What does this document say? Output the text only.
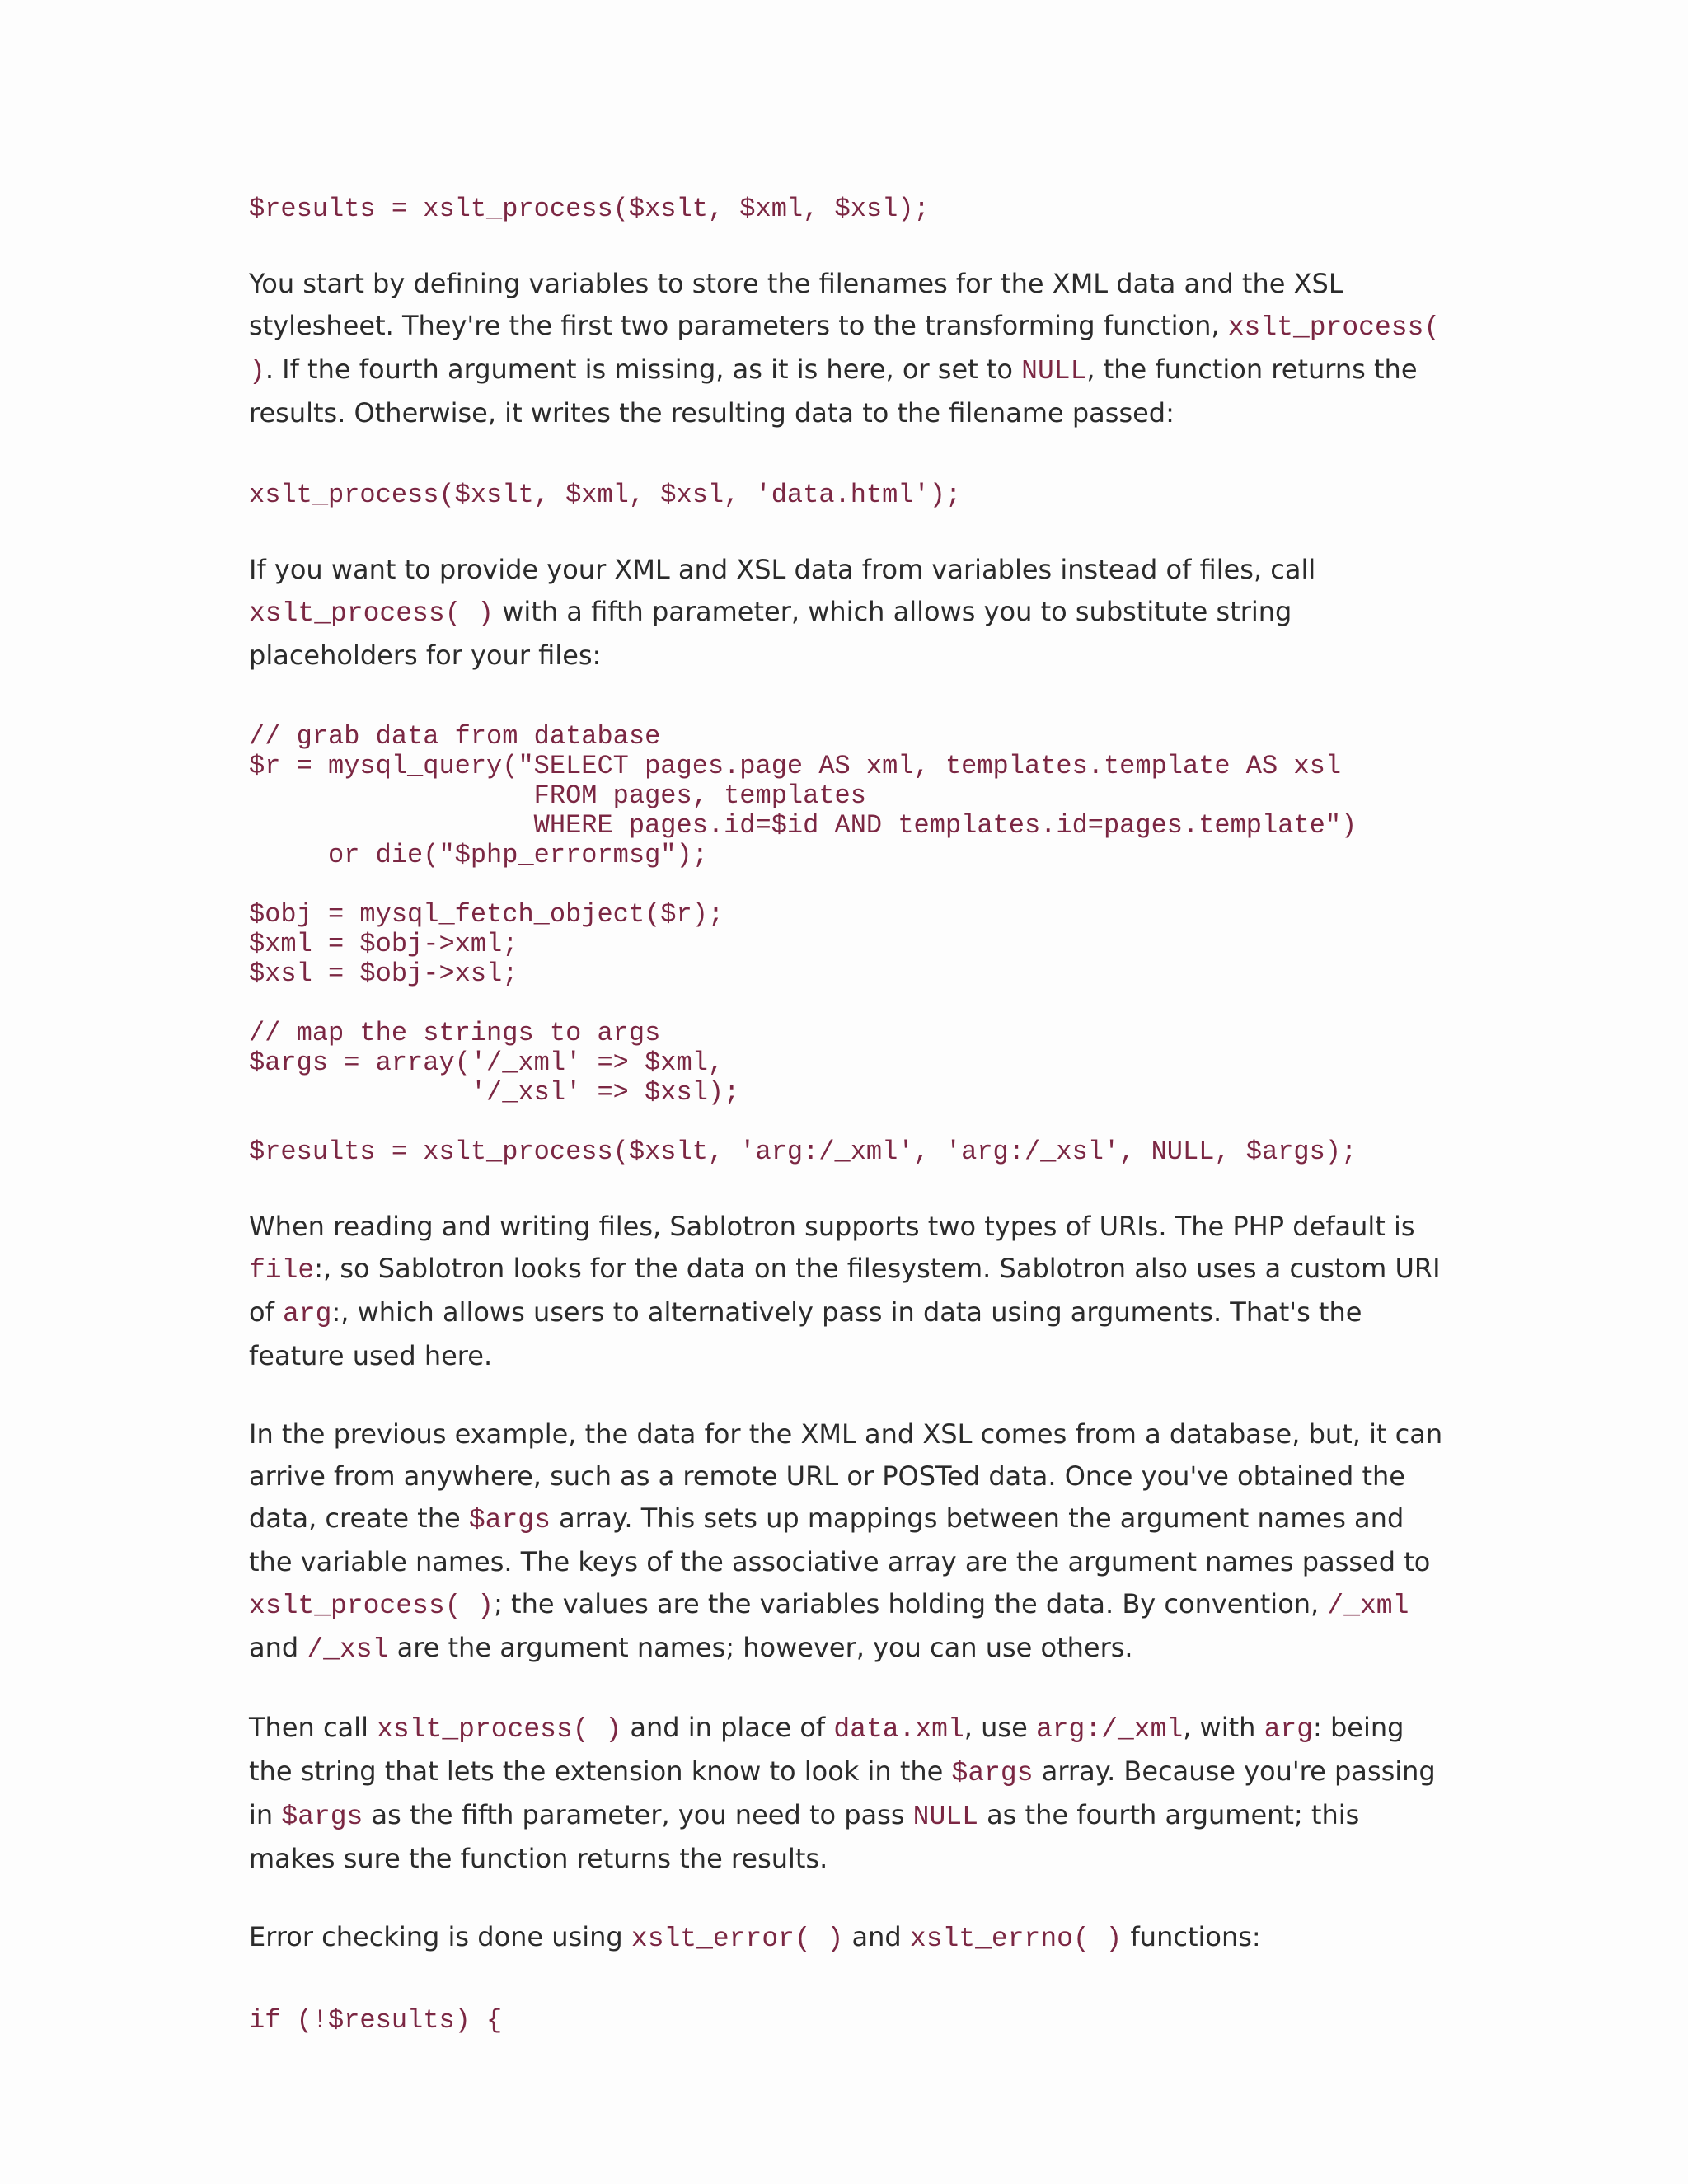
$results = xslt_process($xslt, $xml, $xsl);

You start by defining variables to store the filenames for the XML data and the XSL stylesheet. They're the first two parameters to the transforming function, xslt_process( ). If the fourth argument is missing, as it is here, or set to NULL, the function returns the results. Otherwise, it writes the resulting data to the filename passed:

xslt_process($xslt, $xml, $xsl, 'data.html');

If you want to provide your XML and XSL data from variables instead of files, call xslt_process( ) with a fifth parameter, which allows you to substitute string placeholders for your files:

// grab data from database
$r = mysql_query("SELECT pages.page AS xml, templates.template AS xsl
FROM pages, templates
WHERE pages.id=$id AND templates.id=pages.template")
or die("$php_errormsg");

$obj = mysql_fetch_object($r);
$xml = $obj->xml;
$xsl = $obj->xsl;

// map the strings to args
$args = array('/_xml' => $xml,
'/_xsl' => $xsl);

$results = xslt_process($xslt, 'arg:/_xml', 'arg:/_xsl', NULL, $args);

When reading and writing files, Sablotron supports two types of URIs. The PHP default is file:, so Sablotron looks for the data on the filesystem. Sablotron also uses a custom URI of arg:, which allows users to alternatively pass in data using arguments. That's the feature used here.

In the previous example, the data for the XML and XSL comes from a database, but, it can arrive from anywhere, such as a remote URL or POSTed data. Once you've obtained the data, create the $args array. This sets up mappings between the argument names and the variable names. The keys of the associative array are the argument names passed to xslt_process( ); the values are the variables holding the data. By convention, /_xml and /_xsl are the argument names; however, you can use others.

Then call xslt_process( ) and in place of data.xml, use arg:/_xml, with arg: being the string that lets the extension know to look in the $args array. Because you're passing in $args as the fifth parameter, you need to pass NULL as the fourth argument; this makes sure the function returns the results.

Error checking is done using xslt_error( ) and xslt_errno( ) functions:

if (!$results) {
